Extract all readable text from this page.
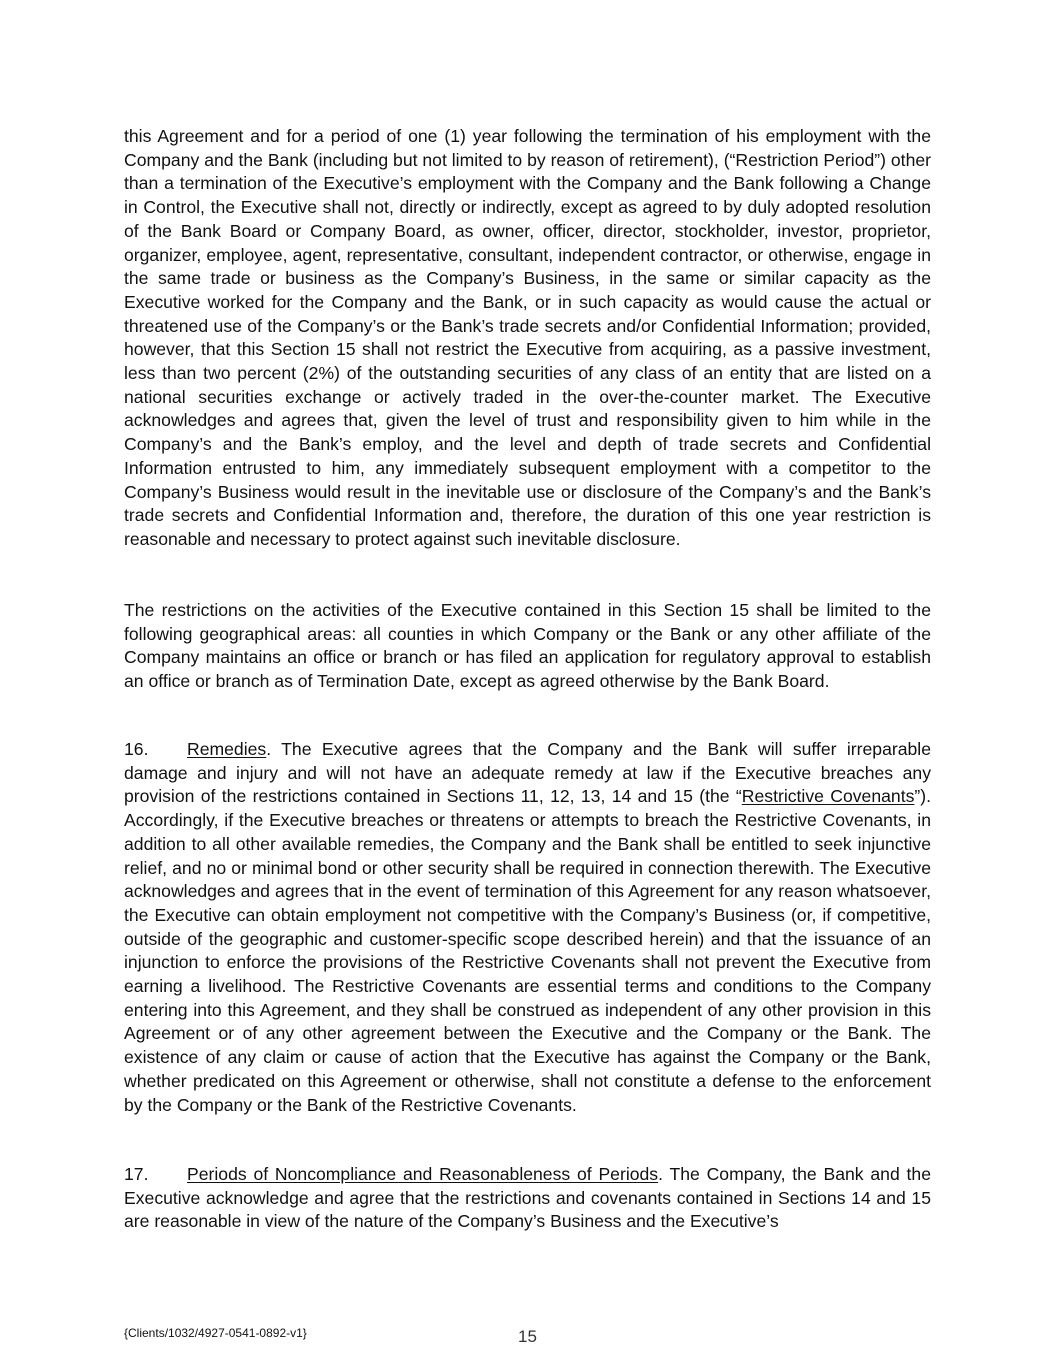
this Agreement and for a period of one (1) year following the termination of his employment with the Company and the Bank (including but not limited to by reason of retirement), (“Restriction Period”) other than a termination of the Executive’s employment with the Company and the Bank following a Change in Control, the Executive shall not, directly or indirectly, except as agreed to by duly adopted resolution of the Bank Board or Company Board, as owner, officer, director, stockholder, investor, proprietor, organizer, employee, agent, representative, consultant, independent contractor, or otherwise, engage in the same trade or business as the Company’s Business, in the same or similar capacity as the Executive worked for the Company and the Bank, or in such capacity as would cause the actual or threatened use of the Company’s or the Bank’s trade secrets and/or Confidential Information; provided, however, that this Section 15 shall not restrict the Executive from acquiring, as a passive investment, less than two percent (2%) of the outstanding securities of any class of an entity that are listed on a national securities exchange or actively traded in the over-the-counter market. The Executive acknowledges and agrees that, given the level of trust and responsibility given to him while in the Company’s and the Bank’s employ, and the level and depth of trade secrets and Confidential Information entrusted to him, any immediately subsequent employment with a competitor to the Company’s Business would result in the inevitable use or disclosure of the Company’s and the Bank’s trade secrets and Confidential Information and, therefore, the duration of this one year restriction is reasonable and necessary to protect against such inevitable disclosure.

The restrictions on the activities of the Executive contained in this Section 15 shall be limited to the following geographical areas: all counties in which Company or the Bank or any other affiliate of the Company maintains an office or branch or has filed an application for regulatory approval to establish an office or branch as of Termination Date, except as agreed otherwise by the Bank Board.

16. Remedies. The Executive agrees that the Company and the Bank will suffer irreparable damage and injury and will not have an adequate remedy at law if the Executive breaches any provision of the restrictions contained in Sections 11, 12, 13, 14 and 15 (the “Restrictive Covenants”). Accordingly, if the Executive breaches or threatens or attempts to breach the Restrictive Covenants, in addition to all other available remedies, the Company and the Bank shall be entitled to seek injunctive relief, and no or minimal bond or other security shall be required in connection therewith. The Executive acknowledges and agrees that in the event of termination of this Agreement for any reason whatsoever, the Executive can obtain employment not competitive with the Company’s Business (or, if competitive, outside of the geographic and customer-specific scope described herein) and that the issuance of an injunction to enforce the provisions of the Restrictive Covenants shall not prevent the Executive from earning a livelihood. The Restrictive Covenants are essential terms and conditions to the Company entering into this Agreement, and they shall be construed as independent of any other provision in this Agreement or of any other agreement between the Executive and the Company or the Bank. The existence of any claim or cause of action that the Executive has against the Company or the Bank, whether predicated on this Agreement or otherwise, shall not constitute a defense to the enforcement by the Company or the Bank of the Restrictive Covenants.

17. Periods of Noncompliance and Reasonableness of Periods. The Company, the Bank and the Executive acknowledge and agree that the restrictions and covenants contained in Sections 14 and 15 are reasonable in view of the nature of the Company’s Business and the Executive’s

{Clients/1032/4927-0541-0892-v1}	15
